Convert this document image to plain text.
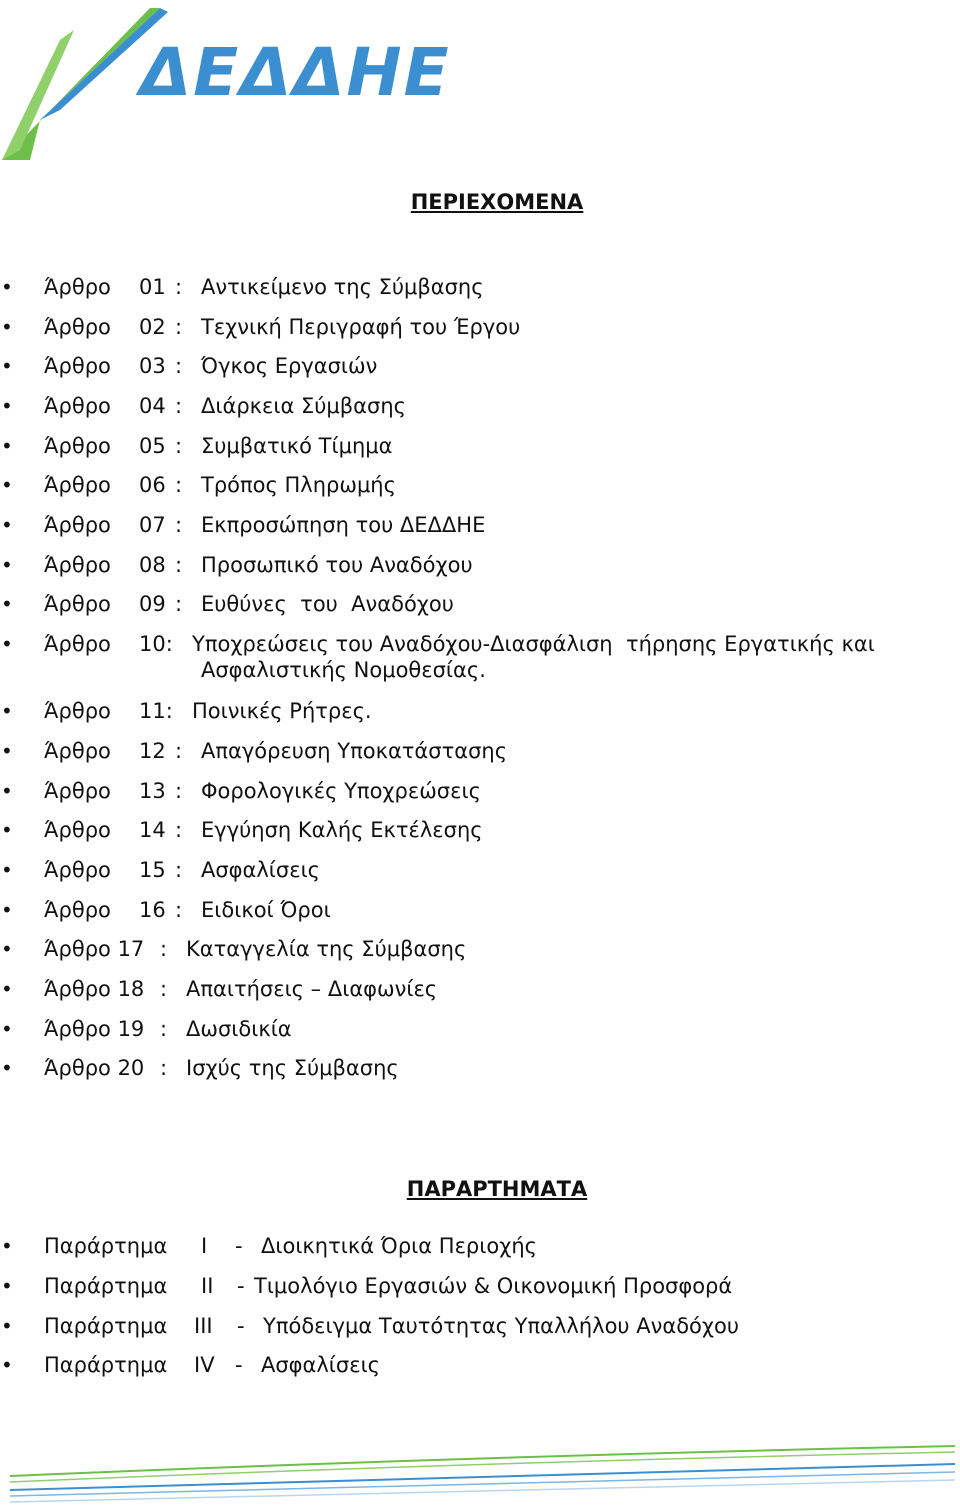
ΔΕΔΔΗΕ
ΠΕΡΙΕΧΟΜΕΝΑ
• Άρθρο 01 : Αντικείμενο της Σύμβασης
• Άρθρο 02 : Τεχνική Περιγραφή του Έργου
• Άρθρο 03 : Όγκος Εργασιών
• Άρθρο 04 : Διάρκεια Σύμβασης
• Άρθρο 05 : Συμβατικό Τίμημα
• Άρθρο 06 : Τρόπος Πληρωμής
• Άρθρο 07 : Εκπροσώπηση του ΔΕΔΔΗΕ
• Άρθρο 08 : Προσωπικό του Αναδόχου
• Άρθρο 09 : Ευθύνες  του  Αναδόχου
• Άρθρο 10: Υποχρεώσεις του Αναδόχου-Διασφάλιση  τήρησης Εργατικής και
Ασφαλιστικής Νομοθεσίας.
• Άρθρο 11: Ποινικές Ρήτρες.
• Άρθρο 12 : Απαγόρευση Υποκατάστασης
• Άρθρο 13 : Φορολογικές Υποχρεώσεις
• Άρθρο 14 : Εγγύηση Καλής Εκτέλεσης
• Άρθρο 15 : Ασφαλίσεις
• Άρθρο 16 : Ειδικοί Όροι
• Άρθρο 17 : Καταγγελία της Σύμβασης
• Άρθρο 18 : Απαιτήσεις – Διαφωνίες
• Άρθρο 19 : Δωσιδικία
• Άρθρο 20 : Ισχύς της Σύμβασης
ΠΑΡΑΡΤΗΜΑΤΑ
• Παράρτημα I - Διοικητικά Όρια Περιοχής
• Παράρτημα II - Τιμολόγιο Εργασιών & Οικονομική Προσφορά
• Παράρτημα III - Υπόδειγμα Ταυτότητας Υπαλλήλου Αναδόχου
• Παράρτημα IV - Ασφαλίσεις
